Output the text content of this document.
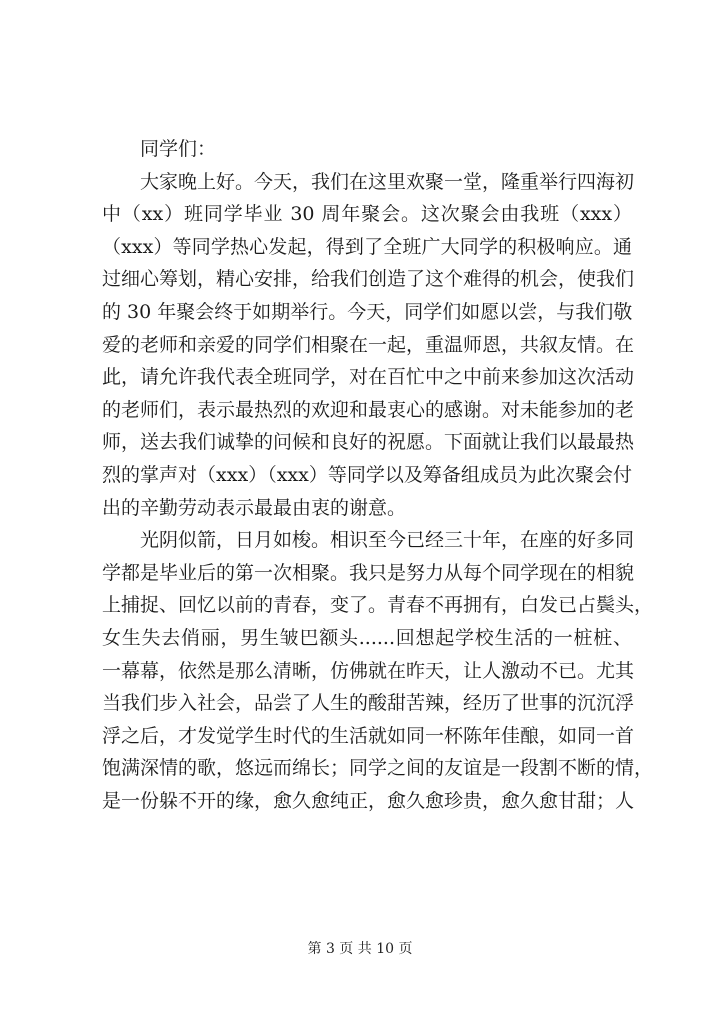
同学们：
大家晚上好。今天，我们在这里欢聚一堂，隆重举行四海初
中（xx）班同学毕业 30 周年聚会。这次聚会由我班（xxx）
（xxx）等同学热心发起，得到了全班广大同学的积极响应。通
过细心筹划，精心安排，给我们创造了这个难得的机会，使我们
的 30 年聚会终于如期举行。今天，同学们如愿以尝，与我们敬
爱的老师和亲爱的同学们相聚在一起，重温师恩，共叙友情。在
此，请允许我代表全班同学，对在百忙中之中前来参加这次活动
的老师们，表示最热烈的欢迎和最衷心的感谢。对未能参加的老
师，送去我们诚挚的问候和良好的祝愿。下面就让我们以最最热
烈的掌声对（xxx）（xxx）等同学以及筹备组成员为此次聚会付
出的辛勤劳动表示最最由衷的谢意。
光阴似箭，日月如梭。相识至今已经三十年，在座的好多同
学都是毕业后的第一次相聚。我只是努力从每个同学现在的相貌
上捕捉、回忆以前的青春，变了。青春不再拥有，白发已占鬓头，
女生失去俏丽，男生皱巴额头......回想起学校生活的一桩桩、
一幕幕，依然是那么清晰，仿佛就在昨天，让人激动不已。尤其
当我们步入社会，品尝了人生的酸甜苦辣，经历了世事的沉沉浮
浮之后，才发觉学生时代的生活就如同一杯陈年佳酿，如同一首
饱满深情的歌，悠远而绵长；同学之间的友谊是一段割不断的情，
是一份躲不开的缘，愈久愈纯正，愈久愈珍贵，愈久愈甘甜；人
第 3 页 共 10 页
